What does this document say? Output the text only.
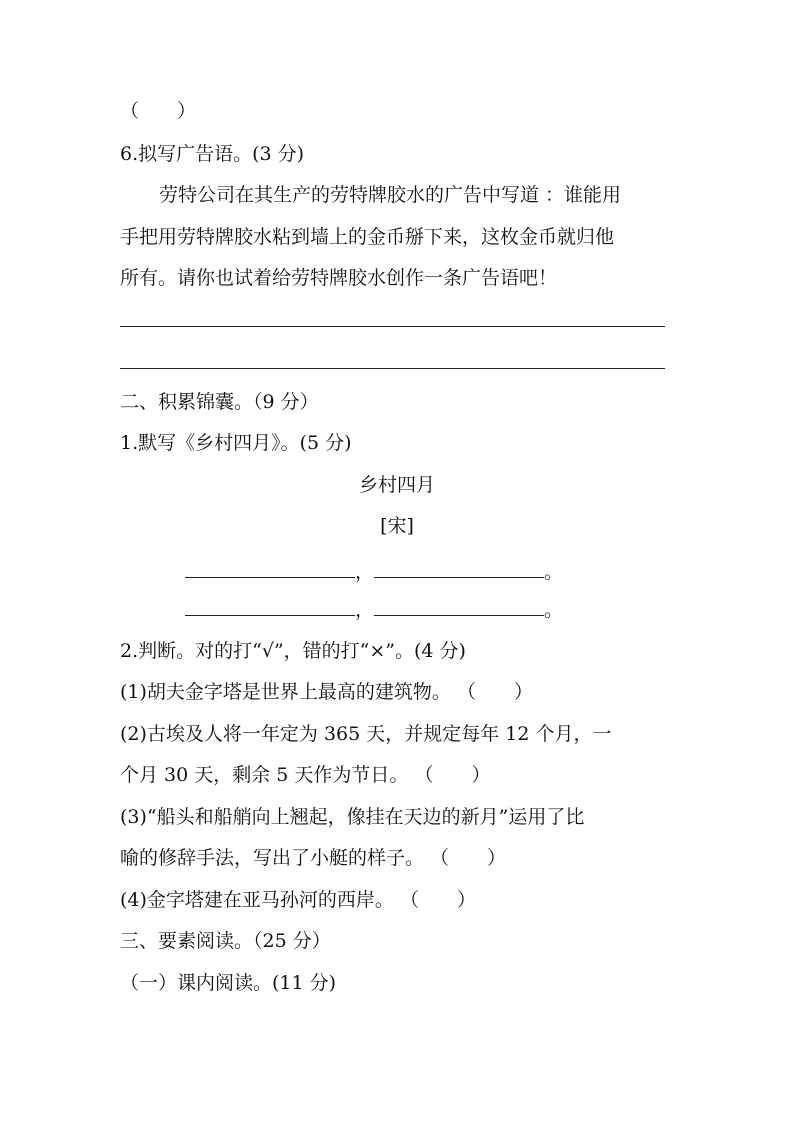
（　　）
6.拟写广告语。(3 分)
劳特公司在其生产的劳特牌胶水的广告中写道 ：谁能用
手把用劳特牌胶水粘到墙上的金币掰下来，这枚金币就归他
所有。请你也试着给劳特牌胶水创作一条广告语吧！
二、积累锦囊。（9 分）
1.默写《乡村四月》。(5 分)
乡村四月
[宋]
，	。
，	。
2.判断。对的打“√”，错的打“×”。(4 分)
(1)胡夫金字塔是世界上最高的建筑物。 （　　）
(2)古埃及人将一年定为 365 天，并规定每年 12 个月，一
个月 30 天，剩余 5 天作为节日。 （　　）
(3)“船头和船艄向上翘起，像挂在天边的新月”运用了比
喻的修辞手法，写出了小艇的样子。 （　　）
(4)金字塔建在亚马孙河的西岸。 （　　）
三、要素阅读。（25 分）
（一）课内阅读。(11 分)
